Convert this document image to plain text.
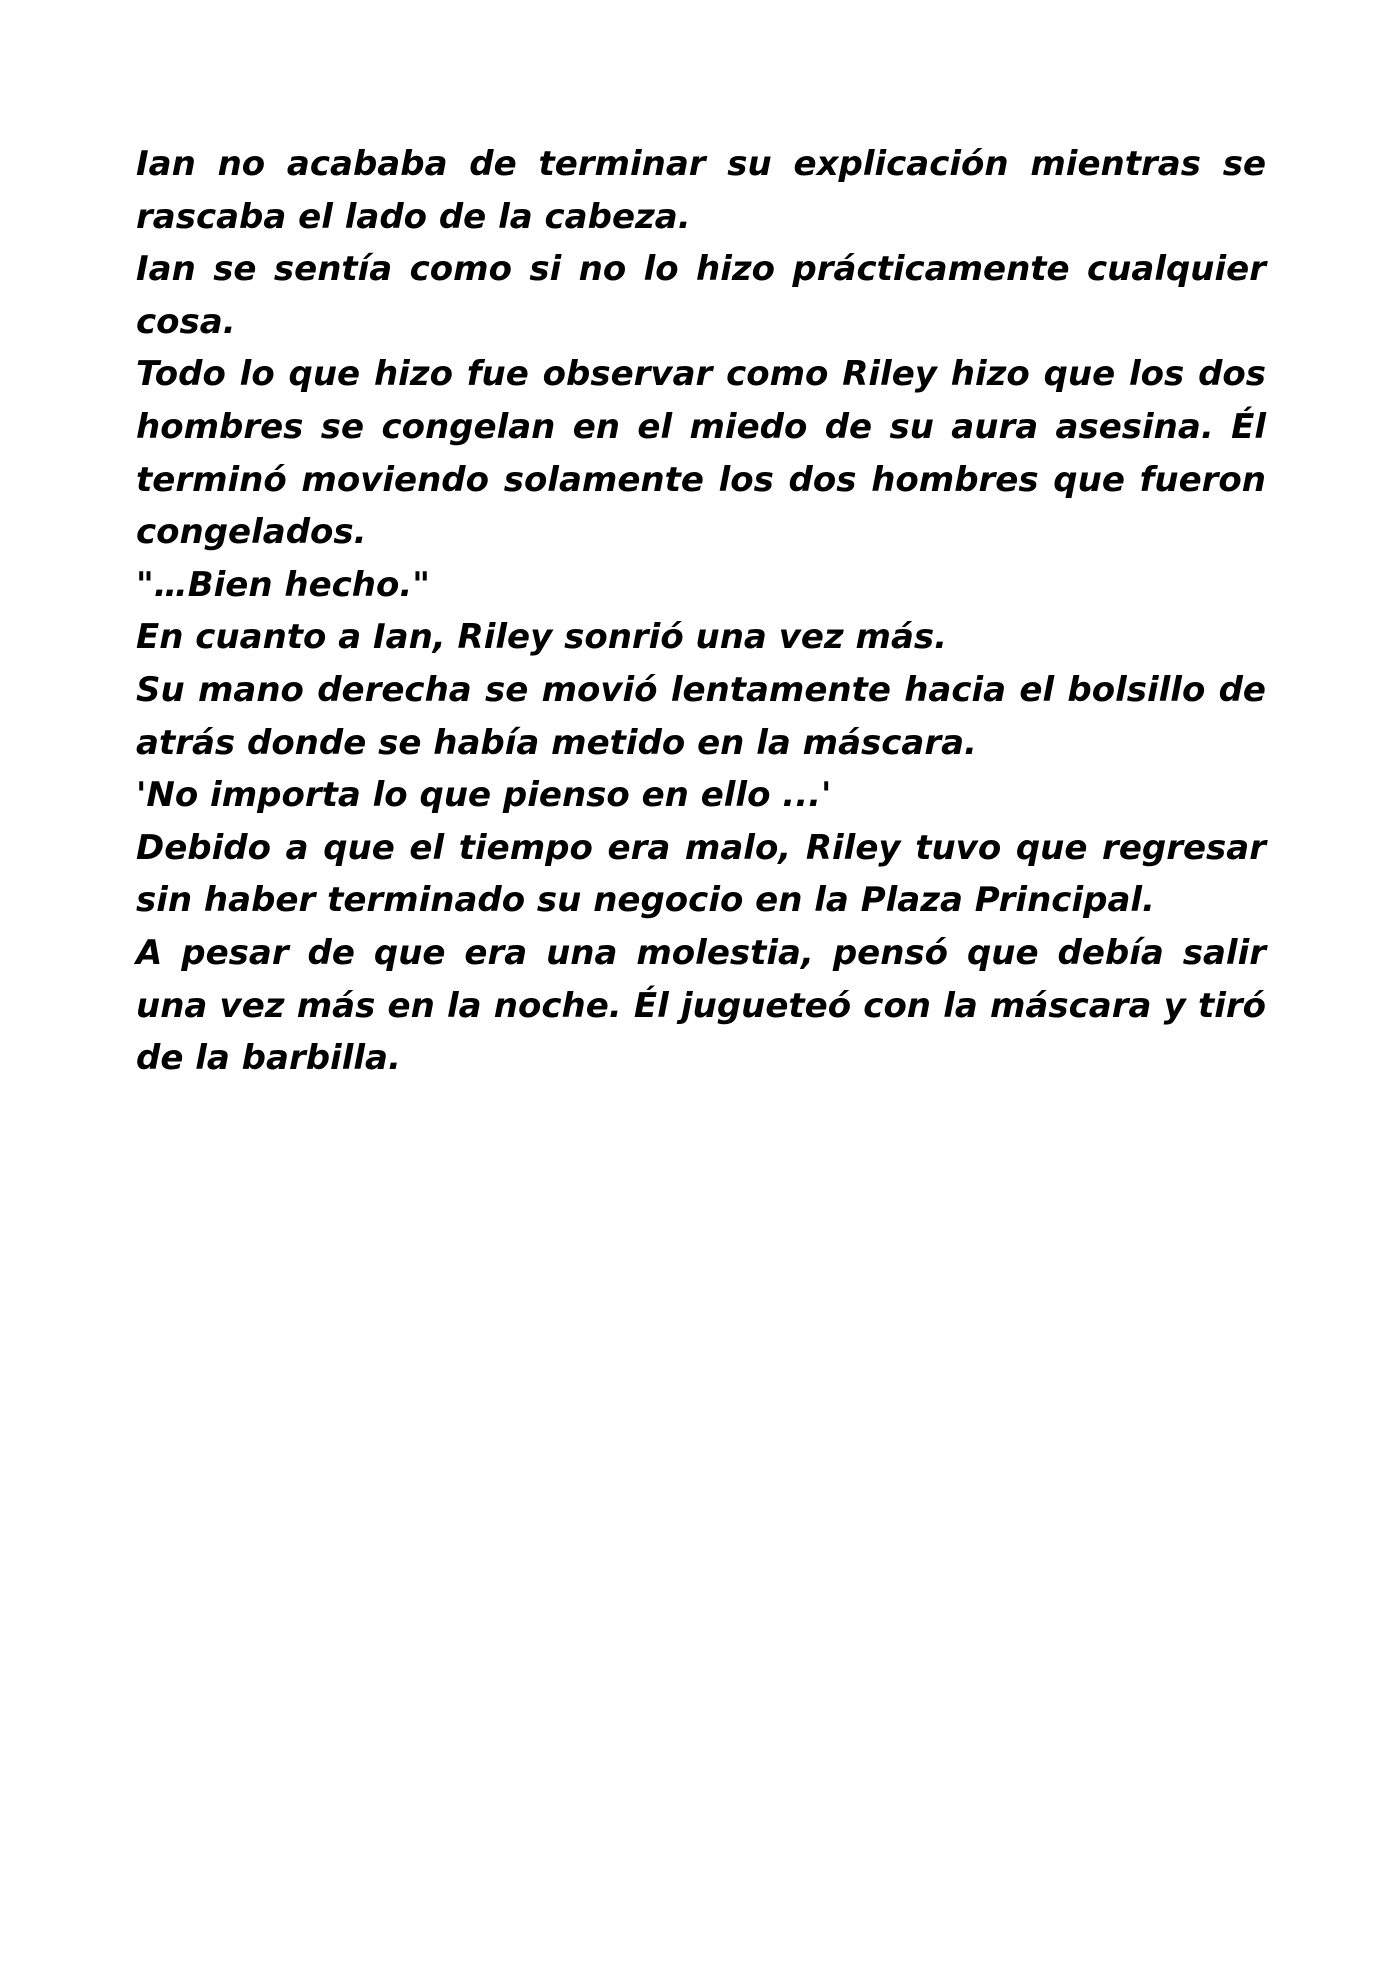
Ian no acababa de terminar su explicación mientras se rascaba el lado de la cabeza.

Ian se sentía como si no lo hizo prácticamente cualquier cosa.

Todo lo que hizo fue observar como Riley hizo que los dos hombres se congelan en el miedo de su aura asesina. Él terminó moviendo solamente los dos hombres que fueron congelados.

"…Bien hecho."

En cuanto a Ian, Riley sonrió una vez más.

Su mano derecha se movió lentamente hacia el bolsillo de atrás donde se había metido en la máscara.

'No importa lo que pienso en ello ...'

Debido a que el tiempo era malo, Riley tuvo que regresar sin haber terminado su negocio en la Plaza Principal.

A pesar de que era una molestia, pensó que debía salir una vez más en la noche. Él jugueteó con la máscara y tiró de la barbilla.
